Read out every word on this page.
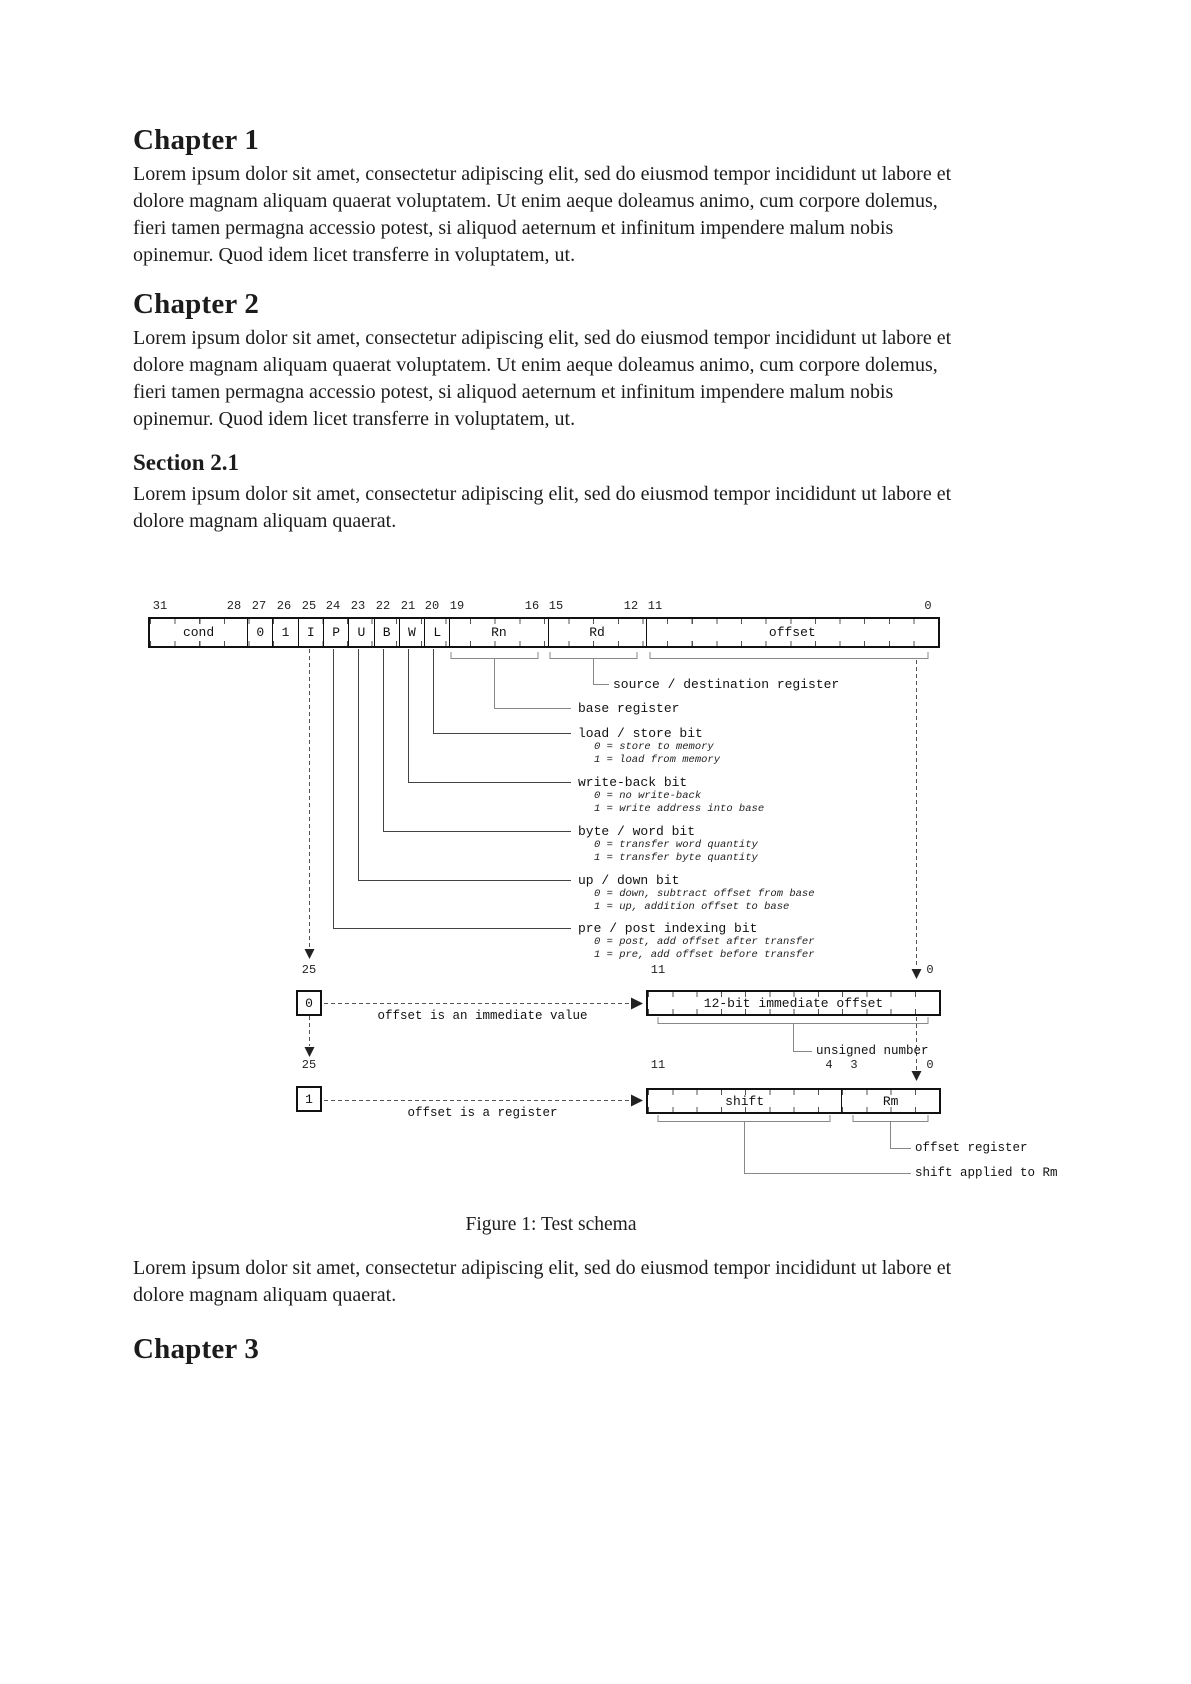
Chapter 1
Lorem ipsum dolor sit amet, consectetur adipiscing elit, sed do eiusmod tempor incididunt ut labore et dolore magnam aliquam quaerat voluptatem. Ut enim aeque doleamus animo, cum corpore dolemus, fieri tamen permagna accessio potest, si aliquod aeternum et infinitum impendere malum nobis opinemur. Quod idem licet transferre in voluptatem, ut.
Chapter 2
Lorem ipsum dolor sit amet, consectetur adipiscing elit, sed do eiusmod tempor incididunt ut labore et dolore magnam aliquam quaerat voluptatem. Ut enim aeque doleamus animo, cum corpore dolemus, fieri tamen permagna accessio potest, si aliquod aeternum et infinitum impendere malum nobis opinemur. Quod idem licet transferre in voluptatem, ut.
Section 2.1
Lorem ipsum dolor sit amet, consectetur adipiscing elit, sed do eiusmod tempor incididunt ut labore et dolore magnam aliquam quaerat.
31	28 27 26 25 24 23 22 21 20 19	16 15	12 11	0
cond	0	1	I	P	U	B	W	L	Rn	Rd	offset
source / destination register
base register
load / store bit
0 = store to memory
1 = load from memory
write-back bit
0 = no write-back
1 = write address into base
byte / word bit
0 = transfer word quantity
1 = transfer byte quantity
up / down bit
0 = down, subtract offset from base
1 = up, addition offset to base
pre / post indexing bit
0 = post, add offset after transfer
1 = pre, add offset before transfer
25	11	0
0
offset is an immediate value
12-bit immediate offset
unsigned number
25	11	4 3	0
1
offset is a register
shift	Rm
offset register
shift applied to Rm
Figure 1: Test schema
Lorem ipsum dolor sit amet, consectetur adipiscing elit, sed do eiusmod tempor incididunt ut labore et dolore magnam aliquam quaerat.
Chapter 3
